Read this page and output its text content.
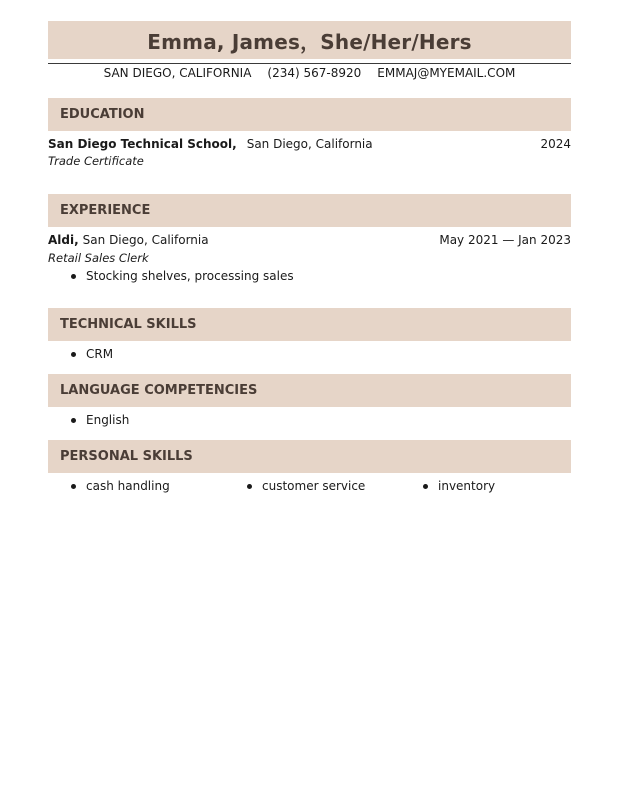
Emma, James，She/Her/Hers
SAN DIEGO, CALIFORNIA (234) 567-8920 EMMAJ@MYEMAIL.COM
EDUCATION
San Diego Technical School, San Diego, California	2024
Trade Certificate
EXPERIENCE
Aldi, San Diego, California	May 2021 — Jan 2023
Retail Sales Clerk
Stocking shelves, processing sales
TECHNICAL SKILLS
CRM
LANGUAGE COMPETENCIES
English
PERSONAL SKILLS
cash handling	customer service	inventory
